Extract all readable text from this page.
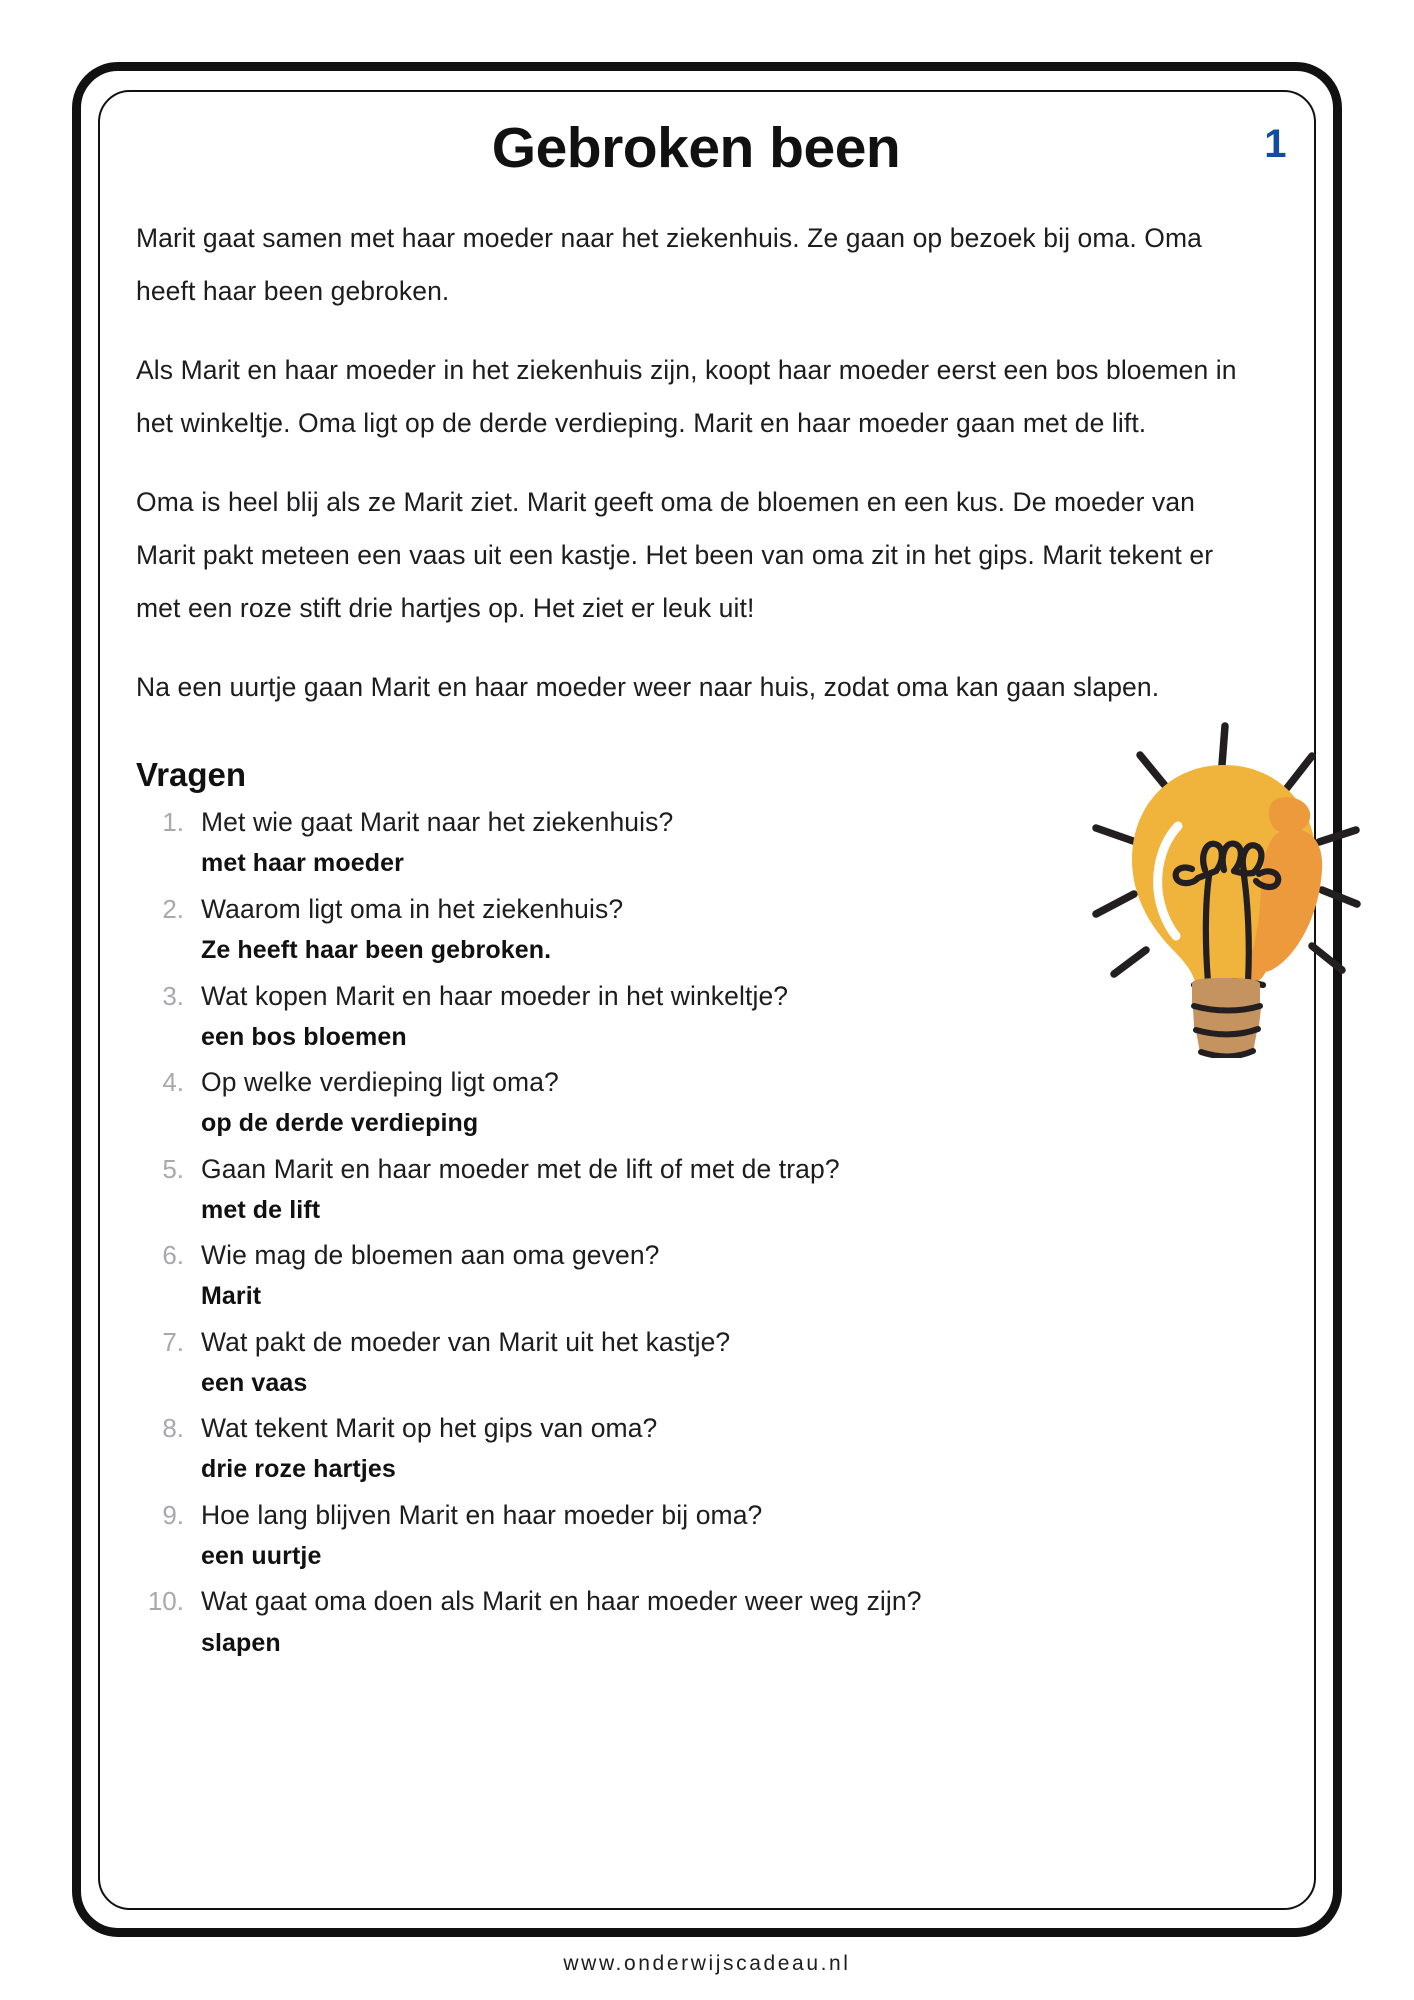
1
Gebroken been

Marit gaat samen met haar moeder naar het ziekenhuis. Ze gaan op bezoek bij oma. Oma heeft haar been gebroken.

Als Marit en haar moeder in het ziekenhuis zijn, koopt haar moeder eerst een bos bloemen in het winkeltje. Oma ligt op de derde verdieping. Marit en haar moeder gaan met de lift.

Oma is heel blij als ze Marit ziet. Marit geeft oma de bloemen en een kus. De moeder van Marit pakt meteen een vaas uit een kastje. Het been van oma zit in het gips. Marit tekent er met een roze stift drie hartjes op. Het ziet er leuk uit!

Na een uurtje gaan Marit en haar moeder weer naar huis, zodat oma kan gaan slapen.

Vragen
1. Met wie gaat Marit naar het ziekenhuis?
met haar moeder
2. Waarom ligt oma in het ziekenhuis?
Ze heeft haar been gebroken.
3. Wat kopen Marit en haar moeder in het winkeltje?
een bos bloemen
4. Op welke verdieping ligt oma?
op de derde verdieping
5. Gaan Marit en haar moeder met de lift of met de trap?
met de lift
6. Wie mag de bloemen aan oma geven?
Marit
7. Wat pakt de moeder van Marit uit het kastje?
een vaas
8. Wat tekent Marit op het gips van oma?
drie roze hartjes
9. Hoe lang blijven Marit en haar moeder bij oma?
een uurtje
10. Wat gaat oma doen als Marit en haar moeder weer weg zijn?
slapen
www.onderwijscadeau.nl
